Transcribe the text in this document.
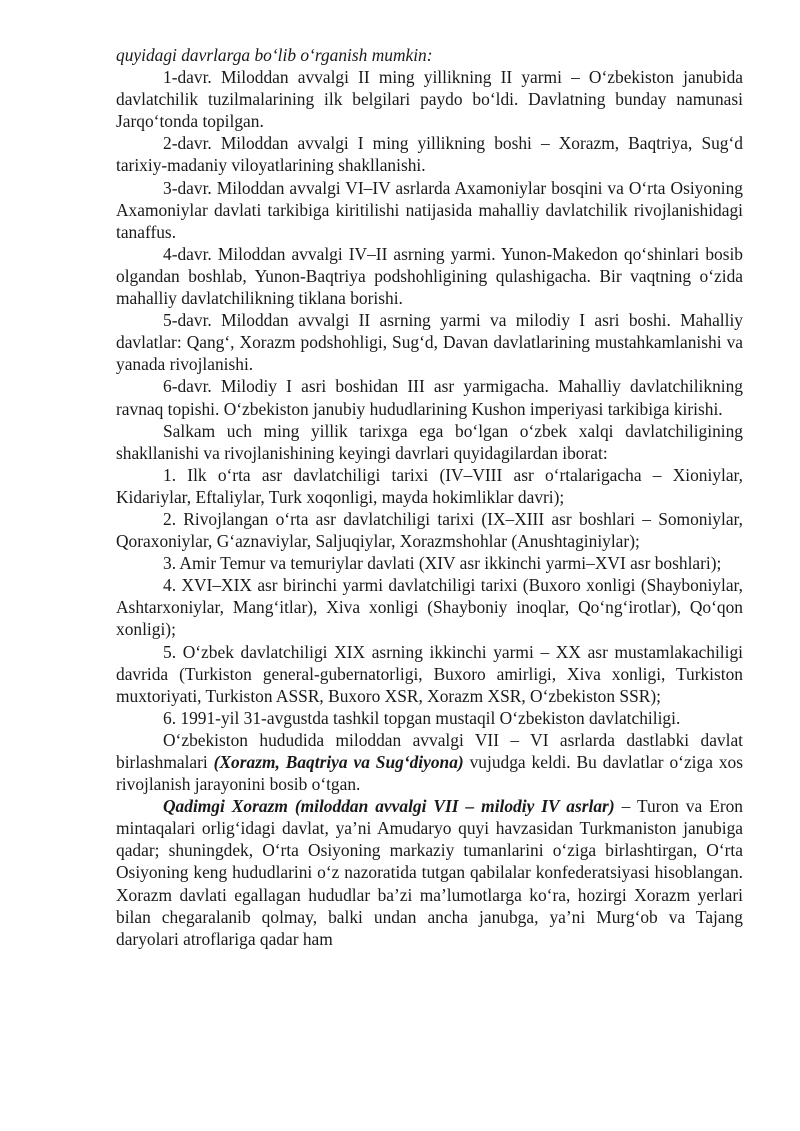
quyidagi davrlarga bo‘lib o‘rganish mumkin:

1-davr. Miloddan avvalgi II ming yillikning II yarmi – O‘zbekiston janubida davlatchilik tuzilmalarining ilk belgilari paydo bo‘ldi. Davlatning bunday namunasi Jarqo‘tonda topilgan.

2-davr. Miloddan avvalgi I ming yillikning boshi – Xorazm, Baqtriya, Sug‘d tarixiy-madaniy viloyatlarining shakllanishi.

3-davr. Miloddan avvalgi VI–IV asrlarda Axamoniylar bosqini va O‘rta Osiyoning Axamoniylar davlati tarkibiga kiritilishi natijasida mahalliy davlatchilik rivojlanishidagi tanaffus.

4-davr. Miloddan avvalgi IV–II asrning yarmi. Yunon-Makedon qo‘shinlari bosib olgandan boshlab, Yunon-Baqtriya podshohligining qulashigacha. Bir vaqtning o‘zida mahalliy davlatchilikning tiklana borishi.

5-davr. Miloddan avvalgi II asrning yarmi va milodiy I asri boshi. Mahalliy davlatlar: Qang‘, Xorazm podshohligi, Sug‘d, Davan davlatlarining mustahkamlanishi va yanada rivojlanishi.

6-davr. Milodiy I asri boshidan III asr yarmigacha. Mahalliy davlatchilikning ravnaq topishi. O‘zbekiston janubiy hududlarining Kushon imperiyasi tarkibiga kirishi.

Salkam uch ming yillik tarixga ega bo‘lgan o‘zbek xalqi davlatchiligining shakllanishi va rivojlanishining keyingi davrlari quyidagilardan iborat:

1. Ilk o‘rta asr davlatchiligi tarixi (IV–VIII asr o‘rtalarigacha – Xioniylar, Kidariylar, Eftaliylar, Turk xoqonligi, mayda hokimliklar davri);

2. Rivojlangan o‘rta asr davlatchiligi tarixi (IX–XIII asr boshlari – Somoniylar, Qoraxoniylar, G‘aznaviylar, Saljuqiylar, Xorazmshohlar (Anushtaginiylar);

3. Amir Temur va temuriylar davlati (XIV asr ikkinchi yarmi–XVI asr boshlari);

4. XVI–XIX asr birinchi yarmi davlatchiligi tarixi (Buxoro xonligi (Shayboniylar, Ashtarxoniylar, Mang‘itlar), Xiva xonligi (Shayboniy inoqlar, Qo‘ng‘irotlar), Qo‘qon xonligi);

5. O‘zbek davlatchiligi XIX asrning ikkinchi yarmi – XX asr mustamlakachiligi davrida (Turkiston general-gubernatorligi, Buxoro amirligi, Xiva xonligi, Turkiston muxtoriyati, Turkiston ASSR, Buxoro XSR, Xorazm XSR, O‘zbekiston SSR);

6. 1991-yil 31-avgustda tashkil topgan mustaqil O‘zbekiston davlatchiligi.

O‘zbekiston hududida miloddan avvalgi VII – VI asrlarda dastlabki davlat birlashmalari (Xorazm, Baqtriya va Sug‘diyona) vujudga keldi. Bu davlatlar o‘ziga xos rivojlanish jarayonini bosib o‘tgan.

Qadimgi Xorazm (miloddan avvalgi VII – milodiy IV asrlar) – Turon va Eron mintaqalari orlig‘idagi davlat, ya’ni Amudaryo quyi havzasidan Turkmaniston janubiga qadar; shuningdek, O‘rta Osiyoning markaziy tumanlarini o‘ziga birlashtirgan, O‘rta Osiyoning keng hududlarini o‘z nazoratida tutgan qabilalar konfederatsiyasi hisoblangan. Xorazm davlati egallagan hududlar ba’zi ma’lumotlarga ko‘ra, hozirgi Xorazm yerlari bilan chegaralanib qolmay, balki undan ancha janubga, ya’ni Murg‘ob va Tajang daryolari atroflariga qadar ham
